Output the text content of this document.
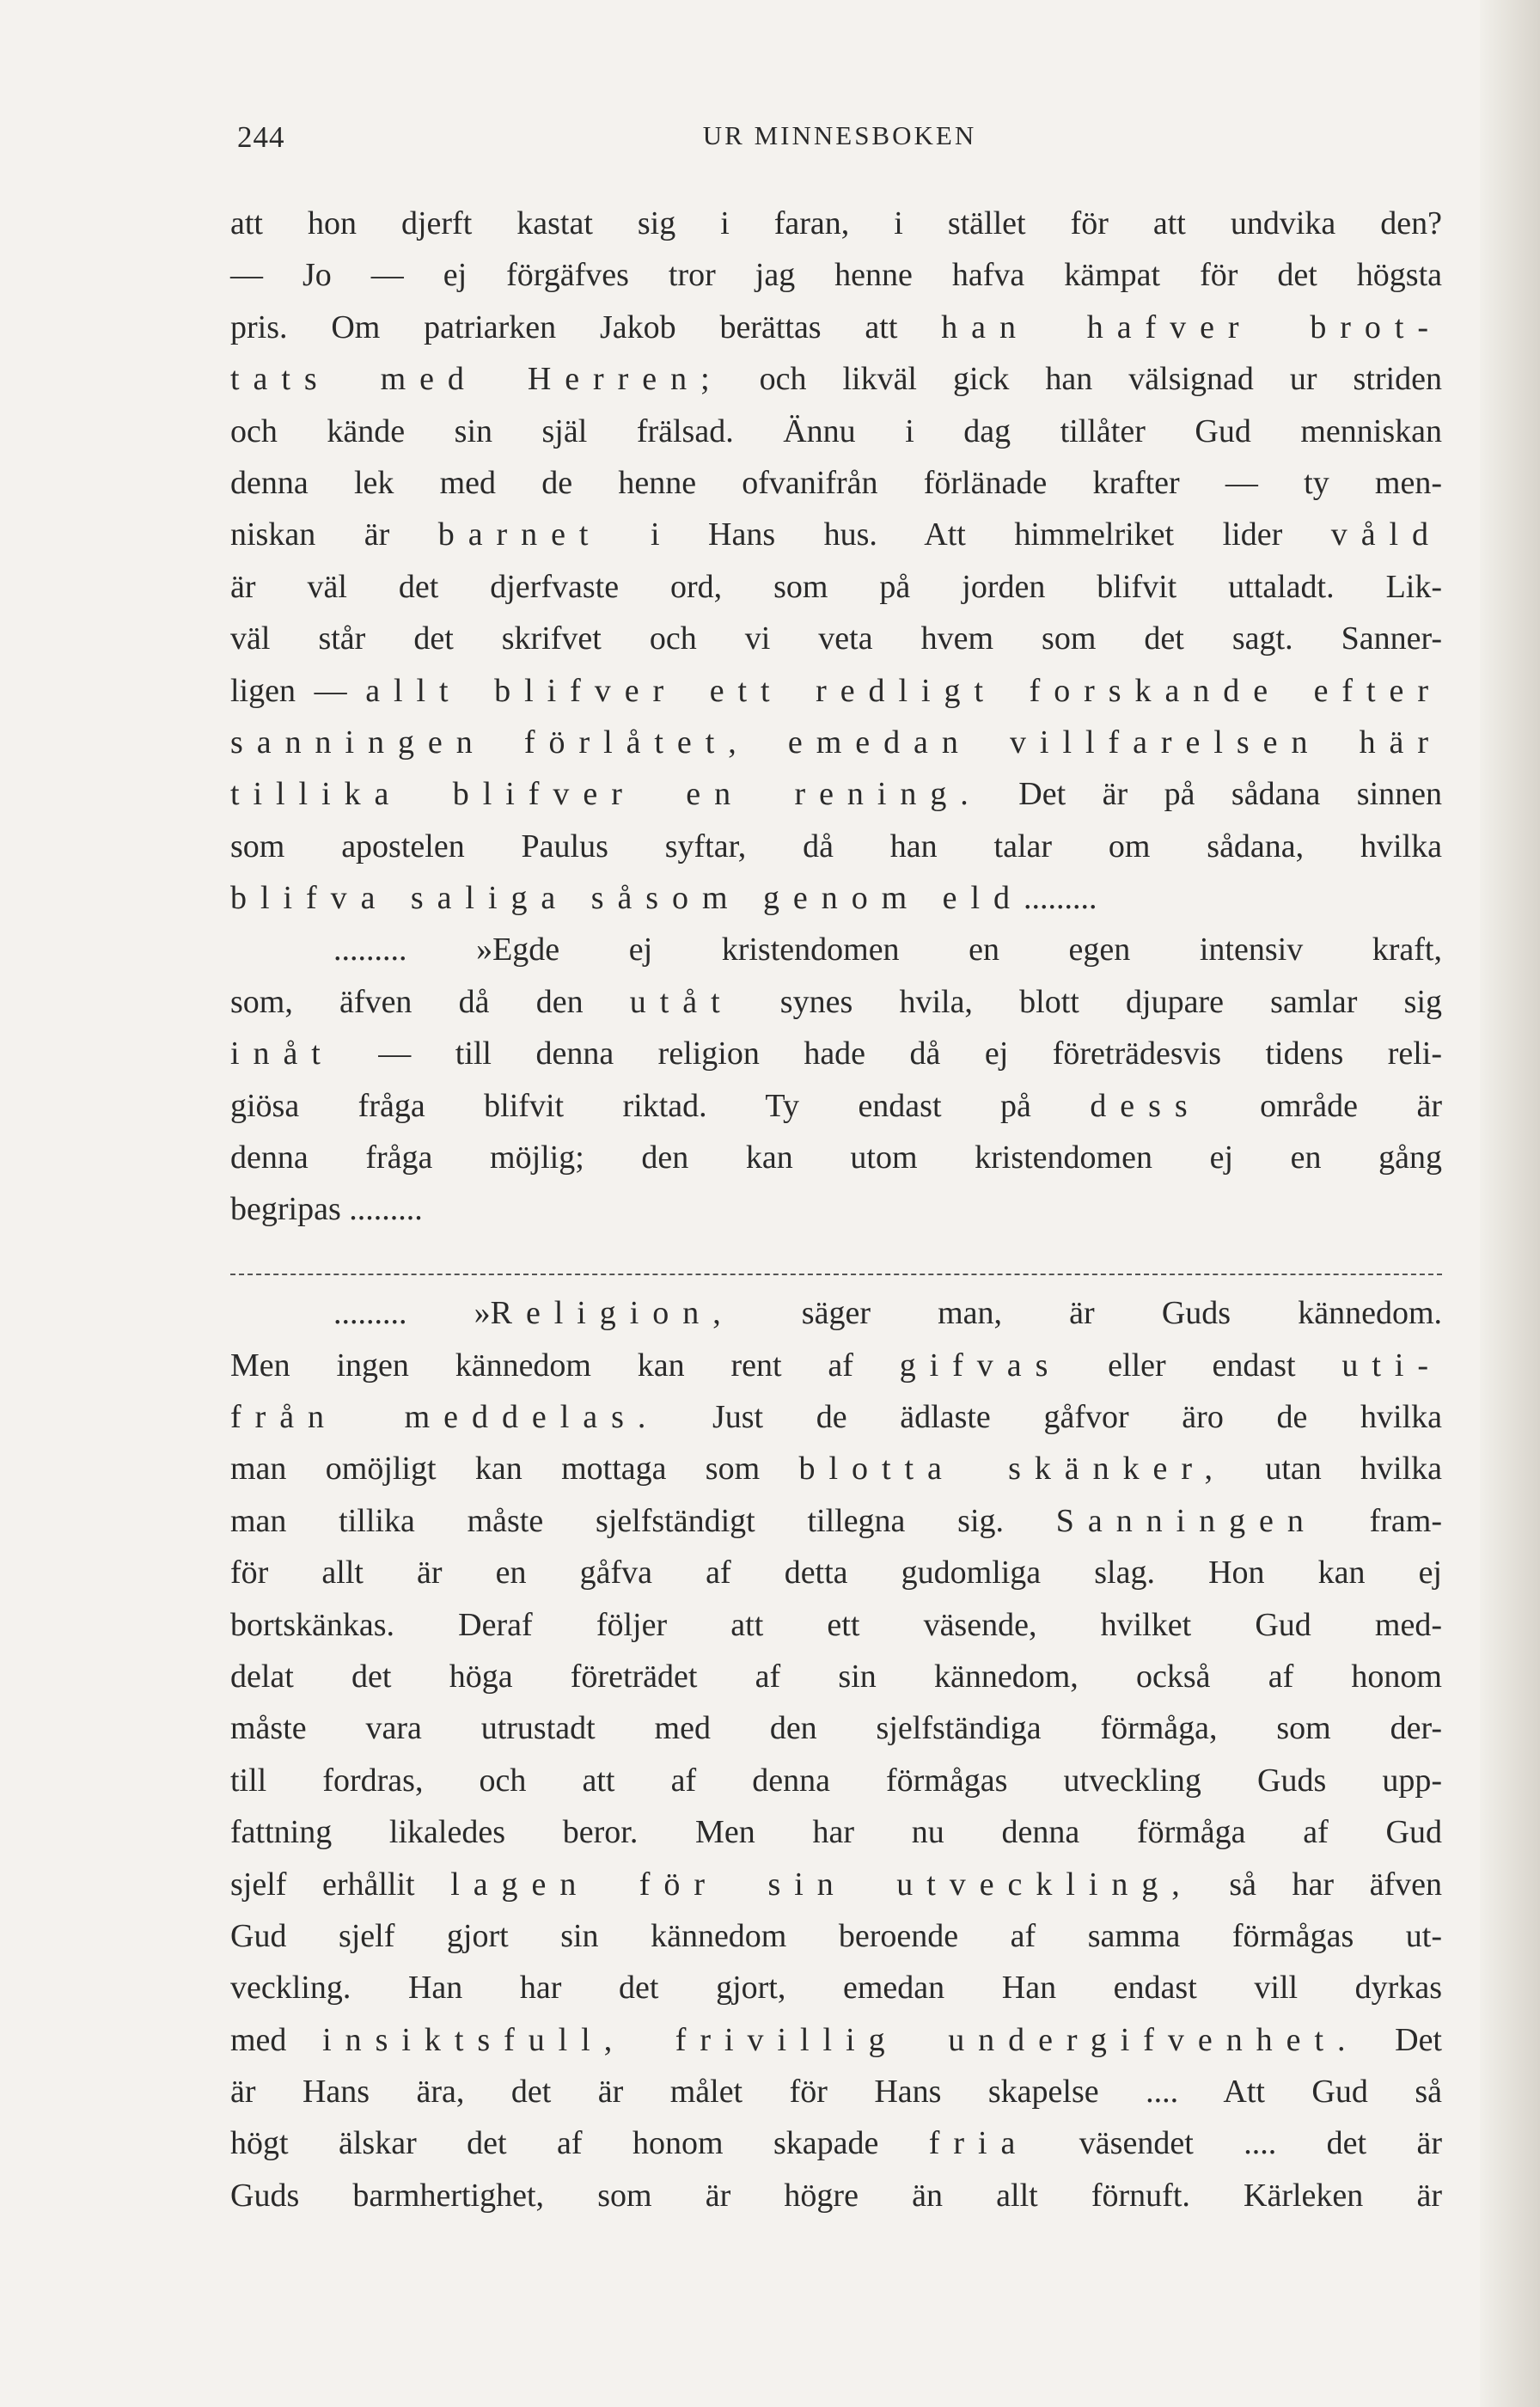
244	UR MINNESBOKEN
att hon djerft kastat sig i faran, i stället för att undvika den?
— Jo — ej förgäfves tror jag henne hafva kämpat för det högsta
pris. Om patriarken Jakob berättas att han hafver brot-
tats med Herren; och likväl gick han välsignad ur striden
och kände sin själ frälsad. Ännu i dag tillåter Gud menniskan
denna lek med de henne ofvanifrån förlänade krafter — ty men-
niskan är barnet i Hans hus. Att himmelriket lider våld
är väl det djerfvaste ord, som på jorden blifvit uttaladt. Lik-
väl står det skrifvet och vi veta hvem som det sagt. Sanner-
ligen — allt blifver ett redligt forskande efter
sanningen förlåtet, emedan villfarelsen här
tillika blifver en rening. Det är på sådana sinnen
som apostelen Paulus syftar, då han talar om sådana, hvilka
blifva saliga såsom genom eld.........
......... »Egde ej kristendomen en egen intensiv kraft,
som, äfven då den utåt synes hvila, blott djupare samlar sig
inåt — till denna religion hade då ej företrädesvis tidens reli-
giösa fråga blifvit riktad. Ty endast på dess område är
denna fråga möjlig; den kan utom kristendomen ej en gång
begripas .........
......... »Religion, säger man, är Guds kännedom.
Men ingen kännedom kan rent af gifvas eller endast uti-
från meddelas. Just de ädlaste gåfvor äro de hvilka
man omöjligt kan mottaga som blotta skänker, utan hvilka
man tillika måste sjelfständigt tillegna sig. Sanningen fram-
för allt är en gåfva af detta gudomliga slag. Hon kan ej
bortskänkas. Deraf följer att ett väsende, hvilket Gud med-
delat det höga företrädet af sin kännedom, också af honom
måste vara utrustadt med den sjelfständiga förmåga, som der-
till fordras, och att af denna förmågas utveckling Guds upp-
fattning likaledes beror. Men har nu denna förmåga af Gud
sjelf erhållit lagen för sin utveckling, så har äfven
Gud sjelf gjort sin kännedom beroende af samma förmågas ut-
veckling. Han har det gjort, emedan Han endast vill dyrkas
med insiktsfull, frivillig undergifvenhet. Det
är Hans ära, det är målet för Hans skapelse .... Att Gud så
högt älskar det af honom skapade fria väsendet .... det är
Guds barmhertighet, som är högre än allt förnuft. Kärleken är
